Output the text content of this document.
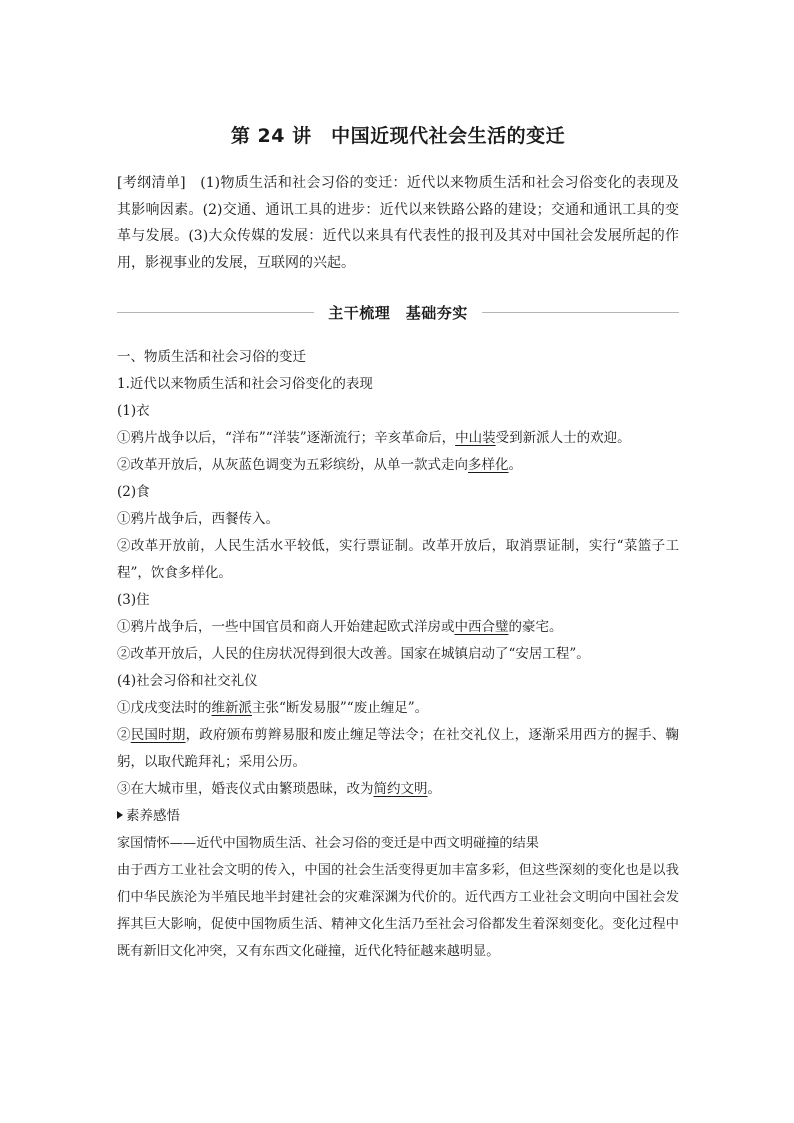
第 24 讲　中国近现代社会生活的变迁
[考纲清单]　(1)物质生活和社会习俗的变迁：近代以来物质生活和社会习俗变化的表现及其影响因素。(2)交通、通讯工具的进步：近代以来铁路公路的建设；交通和通讯工具的变革与发展。(3)大众传媒的发展：近代以来具有代表性的报刊及其对中国社会发展所起的作用，影视事业的发展，互联网的兴起。
主干梳理　基础夯实

一、物质生活和社会习俗的变迁

1.近代以来物质生活和社会习俗变化的表现

(1)衣

①鸦片战争以后，“洋布”“洋装”逐渐流行；辛亥革命后，中山装受到新派人士的欢迎。

②改革开放后，从灰蓝色调变为五彩缤纷，从单一款式走向多样化。

(2)食

①鸦片战争后，西餐传入。

②改革开放前，人民生活水平较低，实行票证制。改革开放后，取消票证制，实行“菜篮子工程”，饮食多样化。

(3)住

①鸦片战争后，一些中国官员和商人开始建起欧式洋房或中西合璧的豪宅。

②改革开放后，人民的住房状况得到很大改善。国家在城镇启动了“安居工程”。

(4)社会习俗和社交礼仪

①戊戌变法时的维新派主张“断发易服”“废止缠足”。

②民国时期，政府颁布剪辫易服和废止缠足等法令；在社交礼仪上，逐渐采用西方的握手、鞠躬，以取代跪拜礼；采用公历。

③在大城市里，婚丧仪式由繁琐愚昧，改为简约文明。

素养感悟

家国情怀——近代中国物质生活、社会习俗的变迁是中西文明碰撞的结果

由于西方工业社会文明的传入，中国的社会生活变得更加丰富多彩，但这些深刻的变化也是以我们中华民族沦为半殖民地半封建社会的灾难深渊为代价的。近代西方工业社会文明向中国社会发挥其巨大影响，促使中国物质生活、精神文化生活乃至社会习俗都发生着深刻变化。变化过程中既有新旧文化冲突，又有东西文化碰撞，近代化特征越来越明显。
